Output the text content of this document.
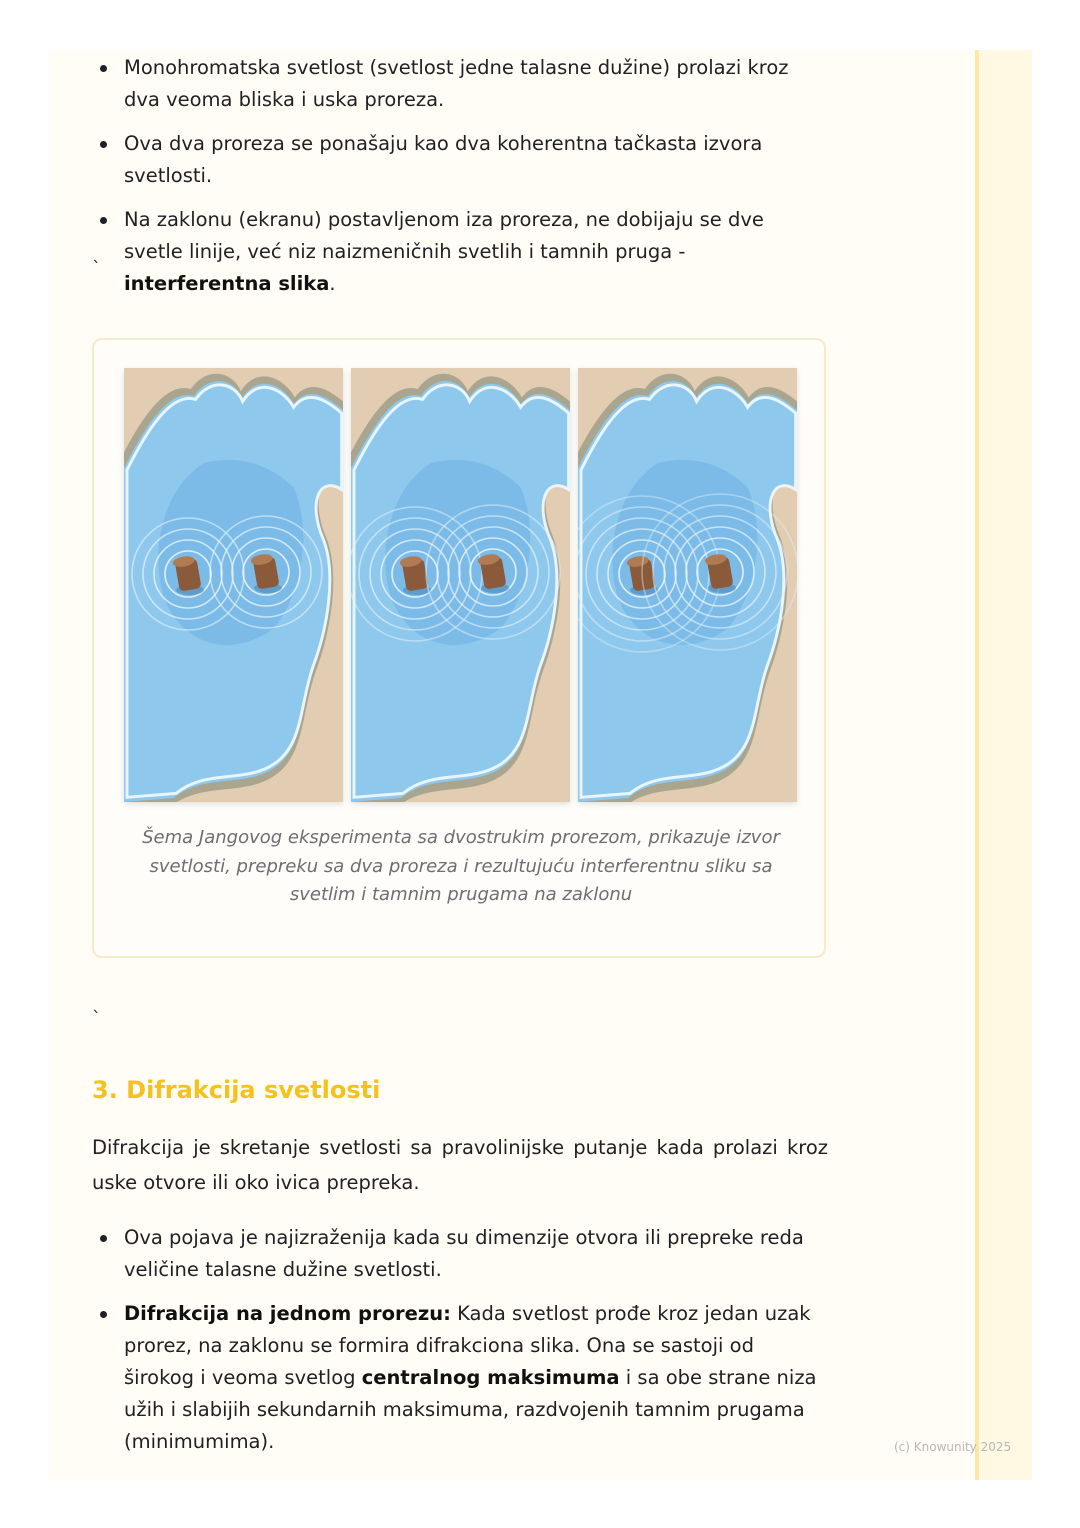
Monohromatska svetlost (svetlost jedne talasne dužine) prolazi kroz dva veoma bliska i uska proreza.
Ova dva proreza se ponašaju kao dva koherentna tačkasta izvora svetlosti.
Na zaklonu (ekranu) postavljenom iza proreza, ne dobijaju se dve svetle linije, već niz naizmeničnih svetlih i tamnih pruga - interferentna slika.
`
Šema Jangovog eksperimenta sa dvostrukim prorezom, prikazuje izvor svetlosti, prepreku sa dva proreza i rezultujuću interferentnu sliku sa svetlim i tamnim prugama na zaklonu
`
3. Difrakcija svetlosti
Difrakcija je skretanje svetlosti sa pravolinijske putanje kada prolazi kroz uske otvore ili oko ivica prepreka.
Ova pojava je najizraženija kada su dimenzije otvora ili prepreke reda veličine talasne dužine svetlosti.
Difrakcija na jednom prorezu: Kada svetlost prođe kroz jedan uzak prorez, na zaklonu se formira difrakciona slika. Ona se sastoji od širokog i veoma svetlog centralnog maksimuma i sa obe strane niza užih i slabijih sekundarnih maksimuma, razdvojenih tamnim prugama (minimumima).	(c) Knowunity 2025
